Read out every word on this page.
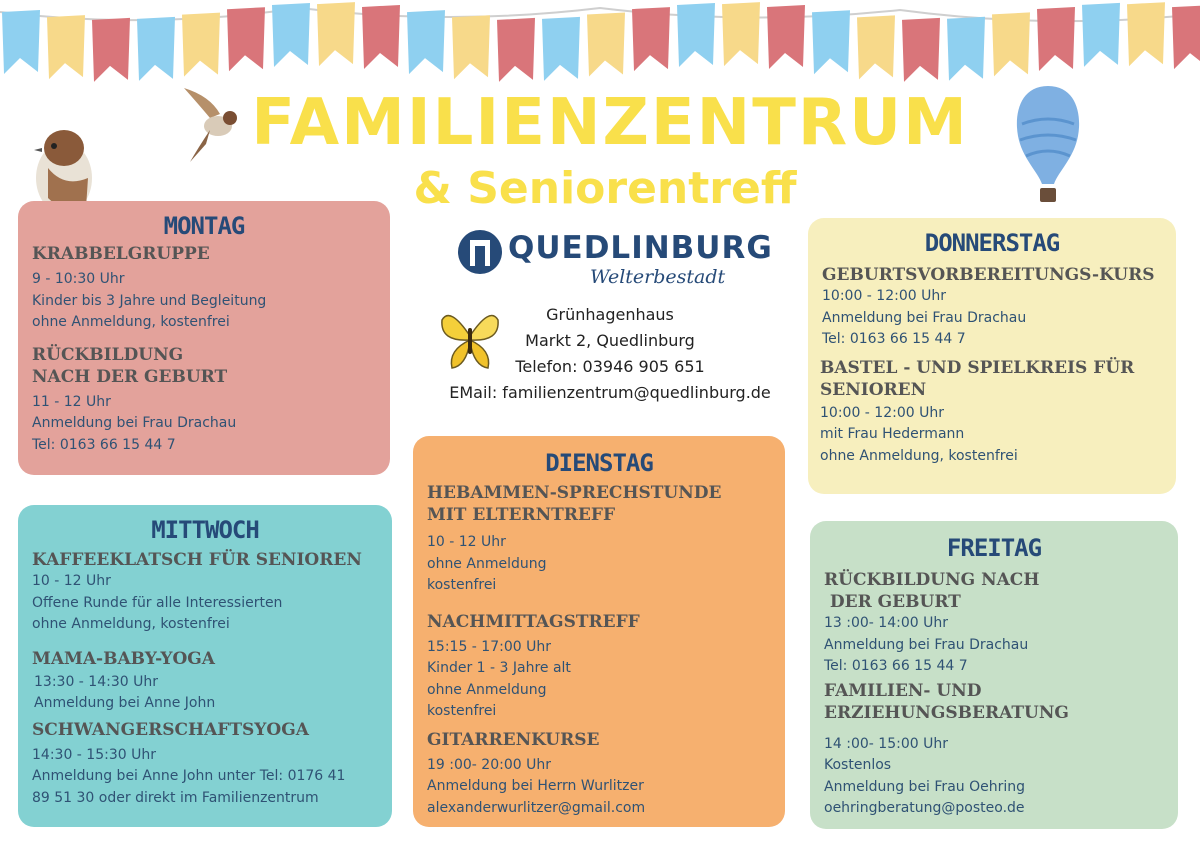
FAMILIENZENTRUM
& Seniorentreff
QUEDLINBURG
Welterbestadt
Grünhagenhaus
Markt 2, Quedlinburg
Telefon: 03946 905 651
EMail: familienzentrum@quedlinburg.de
MONTAG
KRABBELGRUPPE
9 - 10:30 Uhr
Kinder bis 3 Jahre und Begleitung
ohne Anmeldung, kostenfrei
RÜCKBILDUNG
NACH DER GEBURT
11 - 12 Uhr
Anmeldung bei Frau Drachau
Tel: 0163 66 15 44 7
MITTWOCH
KAFFEEKLATSCH FÜR SENIOREN
10 - 12 Uhr
Offene Runde für alle Interessierten
ohne Anmeldung, kostenfrei
MAMA-BABY-YOGA
13:30 - 14:30 Uhr
Anmeldung bei Anne John
SCHWANGERSCHAFTSYOGA
14:30 - 15:30 Uhr
Anmeldung bei Anne John unter Tel: 0176 41
89 51 30 oder direkt im Familienzentrum
DIENSTAG
HEBAMMEN-SPRECHSTUNDE
MIT ELTERNTREFF
10 - 12 Uhr
ohne Anmeldung
kostenfrei
NACHMITTAGSTREFF
15:15 - 17:00 Uhr
Kinder 1 - 3 Jahre alt
ohne Anmeldung
kostenfrei
GITARRENKURSE
19 :00- 20:00 Uhr
Anmeldung bei Herrn Wurlitzer
alexanderwurlitzer@gmail.com
DONNERSTAG
GEBURTSVORBEREITUNGS-KURS
10:00 - 12:00 Uhr
Anmeldung bei Frau Drachau
Tel: 0163 66 15 44 7
BASTEL - UND SPIELKREIS FÜR
SENIOREN
10:00 - 12:00 Uhr
mit Frau Hedermann
ohne Anmeldung, kostenfrei
FREITAG
RÜCKBILDUNG NACH
DER GEBURT
13 :00- 14:00 Uhr
Anmeldung bei Frau Drachau
Tel: 0163 66 15 44 7
FAMILIEN- UND
ERZIEHUNGSBERATUNG
14 :00- 15:00 Uhr
Kostenlos
Anmeldung bei Frau Oehring
oehringberatung@posteo.de
